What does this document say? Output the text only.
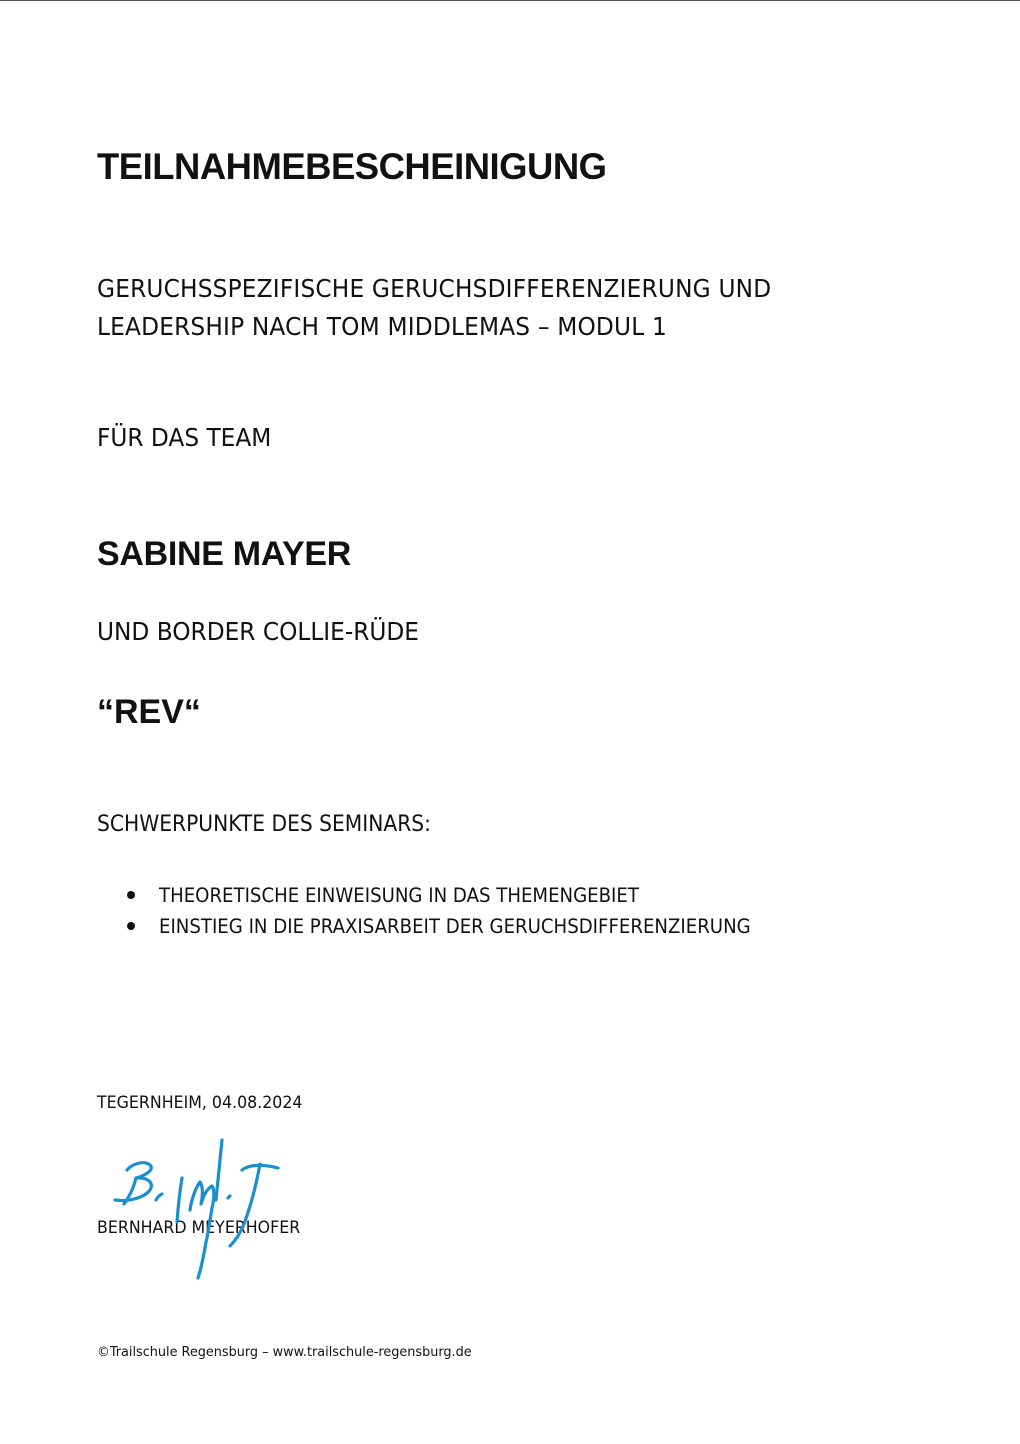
TEILNAHMEBESCHEINIGUNG
GERUCHSSPEZIFISCHE GERUCHSDIFFERENZIERUNG UND
LEADERSHIP NACH TOM MIDDLEMAS – MODUL 1
FÜR DAS TEAM
SABINE MAYER
UND BORDER COLLIE-RÜDE
“REV“
SCHWERPUNKTE DES SEMINARS:
THEORETISCHE EINWEISUNG IN DAS THEMENGEBIET
EINSTIEG IN DIE PRAXISARBEIT DER GERUCHSDIFFERENZIERUNG
TEGERNHEIM, 04.08.2024
BERNHARD MEYERHOFER
©Trailschule Regensburg – www.trailschule-regensburg.de
